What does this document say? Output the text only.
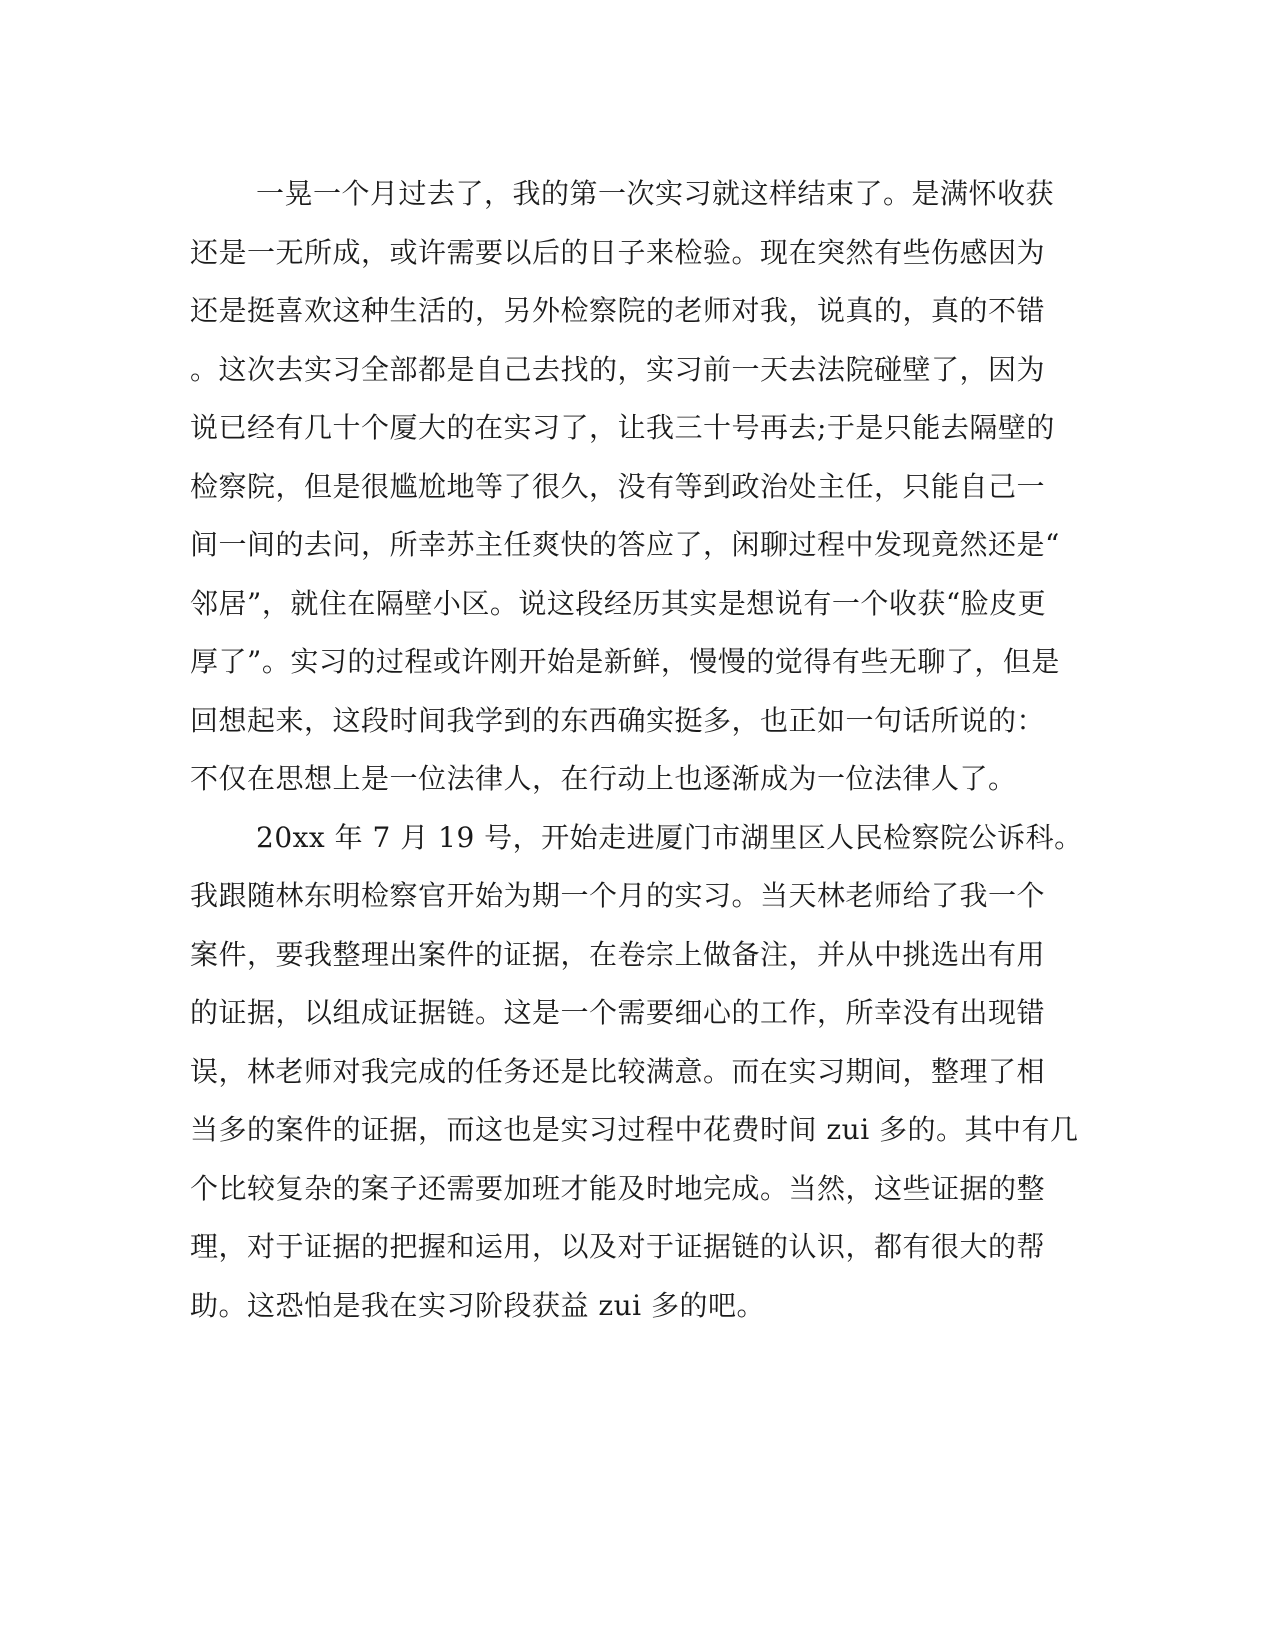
一晃一个月过去了，我的第一次实习就这样结束了。是满怀收获
还是一无所成，或许需要以后的日子来检验。现在突然有些伤感因为
还是挺喜欢这种生活的，另外检察院的老师对我，说真的，真的不错
。这次去实习全部都是自己去找的，实习前一天去法院碰壁了，因为
说已经有几十个厦大的在实习了，让我三十号再去;于是只能去隔壁的
检察院，但是很尴尬地等了很久，没有等到政治处主任，只能自己一
间一间的去问，所幸苏主任爽快的答应了，闲聊过程中发现竟然还是“
邻居”，就住在隔壁小区。说这段经历其实是想说有一个收获“脸皮更
厚了”。实习的过程或许刚开始是新鲜，慢慢的觉得有些无聊了，但是
回想起来，这段时间我学到的东西确实挺多，也正如一句话所说的：
不仅在思想上是一位法律人，在行动上也逐渐成为一位法律人了。
20xx 年 7 月 19 号，开始走进厦门市湖里区人民检察院公诉科。
我跟随林东明检察官开始为期一个月的实习。当天林老师给了我一个
案件，要我整理出案件的证据，在卷宗上做备注，并从中挑选出有用
的证据，以组成证据链。这是一个需要细心的工作，所幸没有出现错
误，林老师对我完成的任务还是比较满意。而在实习期间，整理了相
当多的案件的证据，而这也是实习过程中花费时间 zui 多的。其中有几
个比较复杂的案子还需要加班才能及时地完成。当然，这些证据的整
理，对于证据的把握和运用，以及对于证据链的认识，都有很大的帮
助。这恐怕是我在实习阶段获益 zui 多的吧。
